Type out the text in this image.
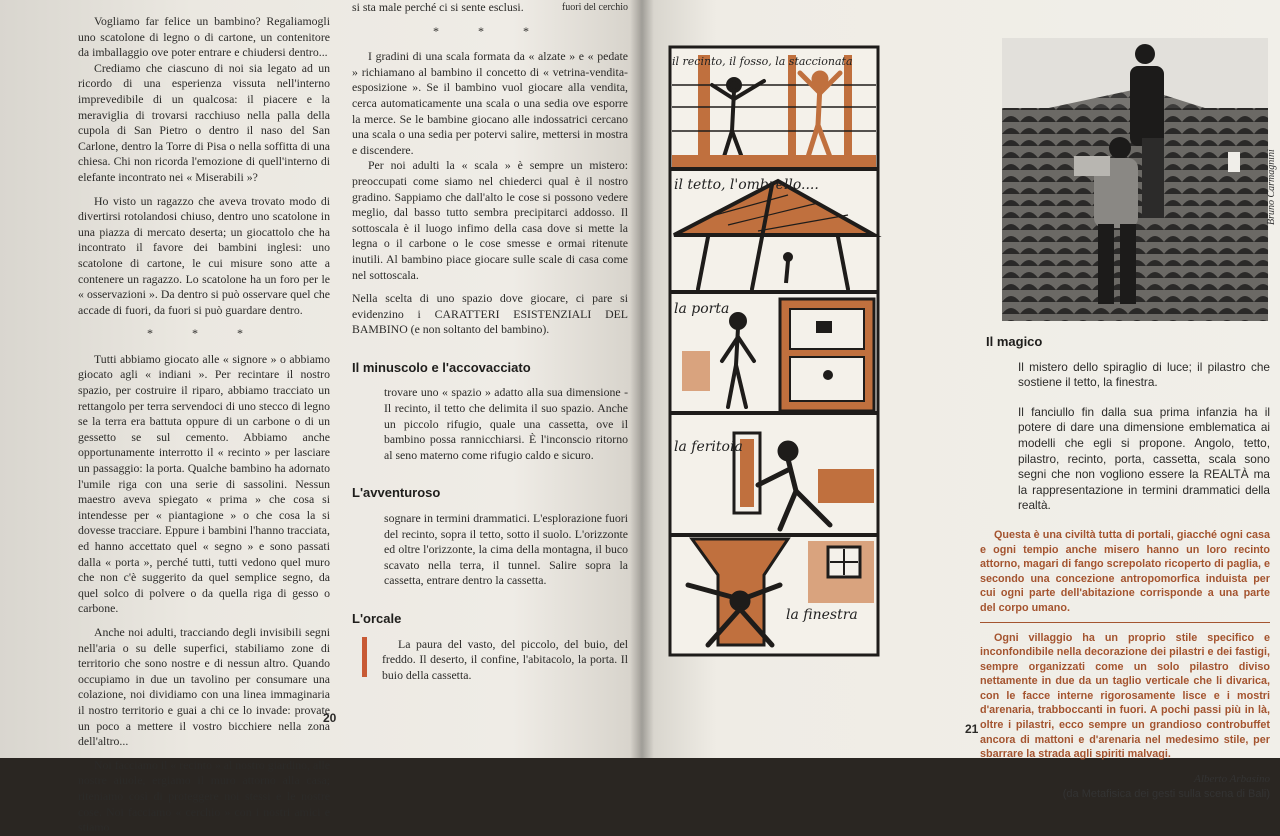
Vogliamo far felice un bambino? Regaliamogli uno scatolone di legno o di cartone, un contenitore da imballaggio ove poter entrare e chiudersi dentro...

Crediamo che ciascuno di noi sia legato ad un ricordo di una esperienza vissuta nell'interno imprevedibile di un qualcosa: il piacere e la meraviglia di trovarsi racchiuso nella palla della cupola di San Pietro o dentro il naso del San Carlone, dentro la Torre di Pisa o nella soffitta di una chiesa. Chi non ricorda l'emozione di quell'interno di elefante incontrato nei « Miserabili »?

Ho visto un ragazzo che aveva trovato modo di divertirsi rotolandosi chiuso, dentro uno scatolone in una piazza di mercato deserta; un giocattolo che ha incontrato il favore dei bambini inglesi: uno scatolone di cartone, le cui misure sono atte a contenere un ragazzo. Lo scatolone ha un foro per le « osservazioni ». Da dentro si può osservare quel che accade di fuori, da fuori si può guardare dentro.

* * *

Tutti abbiamo giocato alle « signore » o abbiamo giocato agli « indiani ». Per recintare il nostro spazio, per costruire il riparo, abbiamo tracciato un rettangolo per terra servendoci di uno stecco di legno se la terra era battuta oppure di un carbone o di un gessetto se sul cemento. Abbiamo anche opportunamente interrotto il « recinto » per lasciare un passaggio: la porta. Qualche bambino ha adornato l'umile riga con una serie di sassolini. Nessun maestro aveva spiegato « prima » che cosa si intendesse per « piantagione » o che cosa la si dovesse tracciare. Eppure i bambini l'hanno tracciata, ed hanno accettato quel « segno » e sono passati dalla « porta », perché tutti, tutti vedono quel muro che non c'è suggerito da quel semplice segno, da quel solco di polvere o da quella riga di gesso o carbone.

Anche noi adulti, tracciando degli invisibili segni nell'aria o su delle superfici, stabiliamo zone di territorio che sono nostre e di nessun altro. Quando occupiamo in due un tavolino per consumare una colazione, noi dividiamo con una linea immaginaria il nostro territorio e guai a chi ce lo invade: provate un poco a mettere il vostro bicchiere nella zona dell'altro...

Noi facciamo il « recinto » al nostro giardino, alle nostre aiuole, ergiamo il muro attorno alla casa; riteniamo così di proteggere noi stessi e le nostre cose. Noi facciamo « cerchio » con i nostri amici e stiamo

si sta male perché ci si sente esclusi.	fuori del cerchio
* * *

I gradini di una scala formata da « alzate » e « pedate » richiamano al bambino il concetto di « vetrina-vendita-esposizione ». Se il bambino vuol giocare alla vendita, cerca automaticamente una scala o una sedia ove esporre la merce. Se le bambine giocano alle indossatrici cercano una scala o una sedia per potervi salire, mettersi in mostra e discendere.

Per noi adulti la « scala » è sempre un mistero: preoccupati come siamo nel chiederci qual è il nostro gradino. Sappiamo che dall'alto le cose si possono vedere meglio, dal basso tutto sembra precipitarci addosso. Il sottoscala è il luogo infimo della casa dove si mette la legna o il carbone o le cose smesse e ormai ritenute inutili. Al bambino piace giocare sulle scale di casa come nel sottoscala.

Nella scelta di uno spazio dove giocare, ci pare si evidenzino i CARATTERI ESISTENZIALI DEL BAMBINO (e non soltanto del bambino).

Il minuscolo e l'accovacciato

trovare uno « spazio » adatto alla sua dimensione - Il recinto, il tetto che delimita il suo spazio. Anche un piccolo rifugio, quale una cassetta, ove il bambino possa rannicchiarsi. È l'inconscio ritorno al seno materno come rifugio caldo e sicuro.

L'avventuroso

sognare in termini drammatici. L'esplorazione fuori del recinto, sopra il tetto, sotto il suolo. L'orizzonte ed oltre l'orizzonte, la cima della montagna, il buco scavato nella terra, il tunnel. Salire sopra la cassetta, entrare dentro la cassetta.

L'orcale

La paura del vasto, del piccolo, del buio, del freddo. Il deserto, il confine, l'abitacolo, la porta. Il buio della cassetta.

20
21
il recinto, il fosso, la staccionata
il tetto, l'ombrello....
la porta
la feritoia
la finestra
Bruno Carmagnini
Il magico

Il mistero dello spiraglio di luce; il pilastro che sostiene il tetto, la finestra.

Il fanciullo fin dalla sua prima infanzia ha il potere di dare una dimensione emblematica ai modelli che egli si propone. Angolo, tetto, pilastro, recinto, porta, cassetta, scala sono segni che non vogliono essere la REALTÀ ma la rappresentazione in termini drammatici della realtà.

Questa è una civiltà tutta di portali, giacché ogni casa e ogni tempio anche misero hanno un loro recinto attorno, magari di fango screpolato ricoperto di paglia, e secondo una concezione antropomorfica induista per cui ogni parte dell'abitazione corrisponde a una parte del corpo umano.

Ogni villaggio ha un proprio stile specifico e inconfondibile nella decorazione dei pilastri e dei fastigi, sempre organizzati come un solo pilastro diviso nettamente in due da un taglio verticale che li divarica, con le facce interne rigorosamente lisce e i mostri d'arenaria, trabboccanti in fuori. A pochi passi più in là, oltre i pilastri, ecco sempre un grandioso controbuffet ancora di mattoni e d'arenaria nel medesimo stile, per sbarrare la strada agli spiriti malvagi.

Alberto Arbasino
(da Metafisica dei gesti sulla scena di Bali)
